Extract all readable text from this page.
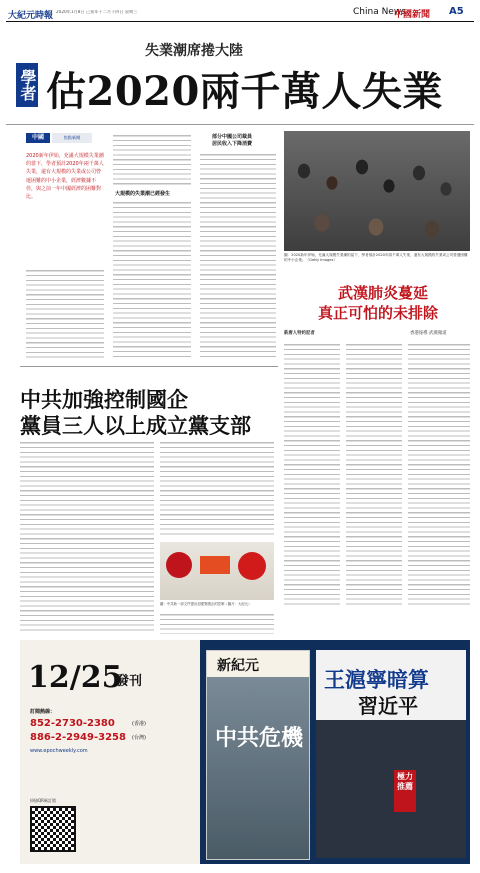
大紀元時報 2020年1月8日 己亥年十二月十四日 星期三	China News
中國新聞 A5
失業潮席捲大陸
學者 估2020兩千萬人失業
中國	焦點新聞
2020新年伊始，充滿大規模失業潮的當下，學者預計2020年兩千萬人失業，還有大規模的失業或公司營運困難的中小企業，經濟數據不佳，與之前一年中國經濟的困難對比。
大規模的失業潮已經發生
部分中國公司裁員
居民收入下降消費
圖：2020新年伊始，充滿大規模失業潮的當下，學者預計2020年兩千萬人失業，還有大規模的失業或公司營運困難的中小企業。（Getty Images）
武漢肺炎蔓延
真正可怕的未排除
新唐人特約記者	香港報導 武漢頻道
中共加強控制國企
黨員三人以上成立黨支部
圖：中共新一部文件提出加強對國企的控制（圖片：大紀元）
12/25
發刊
訂閱熱線：
852-2730-2380	(香港)
886-2-2949-3258 (台灣)
www.epochweekly.com
掃描QR碼訂閱
新紀元
中共危機
王滬寧暗算
習近平
極力推薦
